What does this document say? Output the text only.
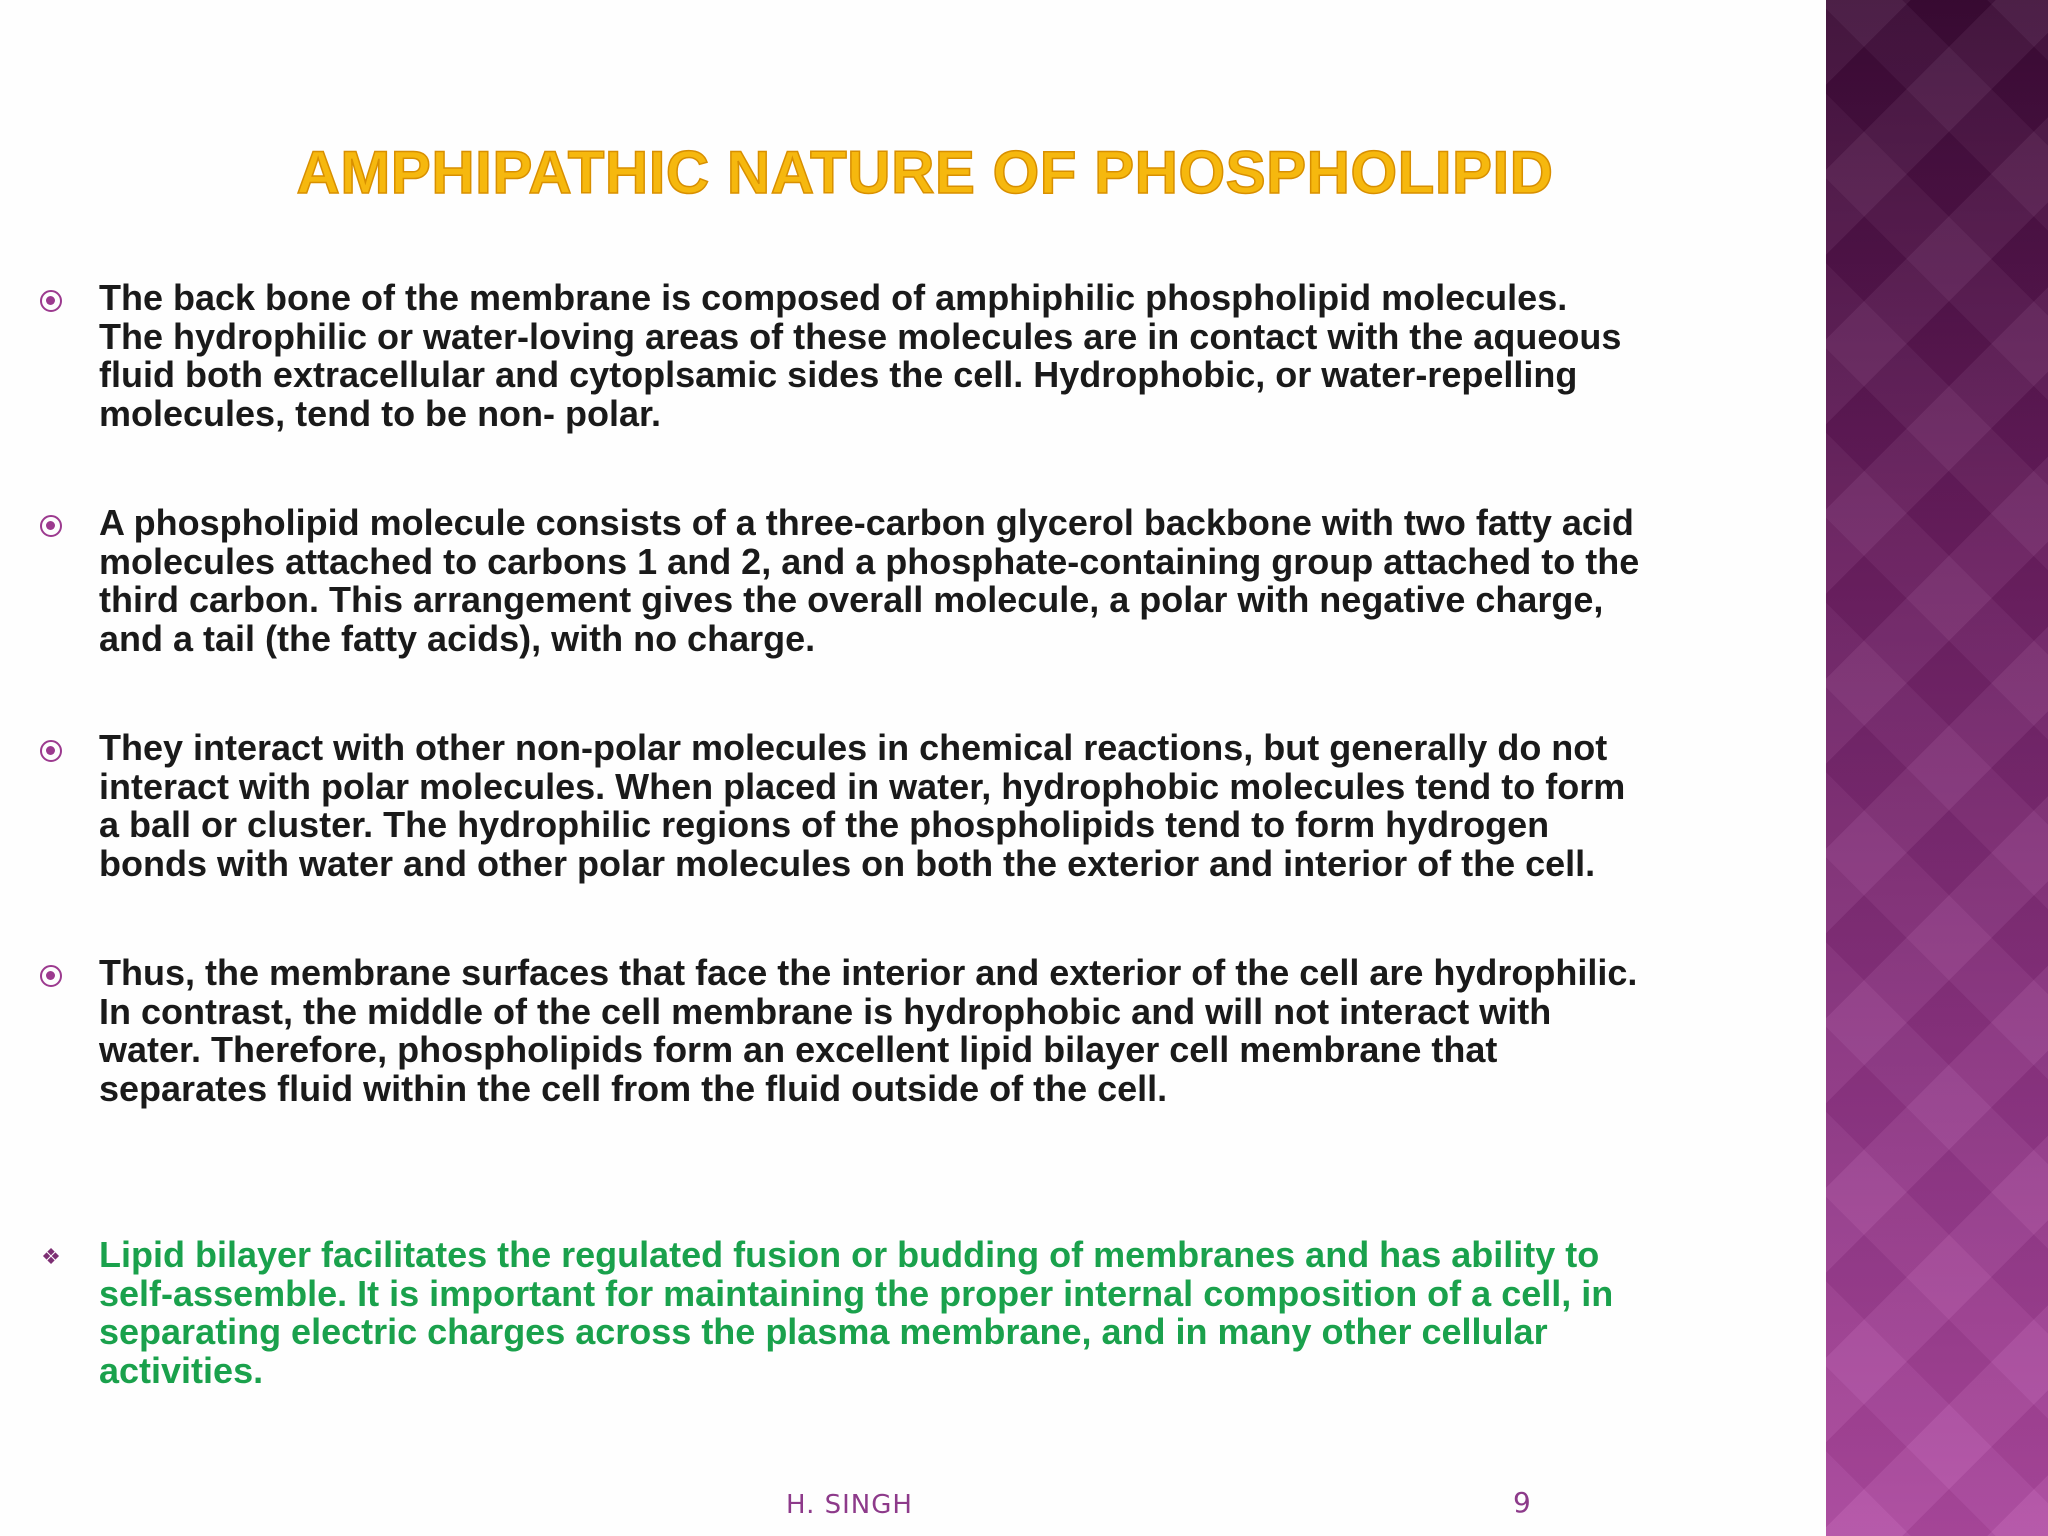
AMPHIPATHIC NATURE OF PHOSPHOLIPID
The back bone of the membrane is composed of amphiphilic phospholipid molecules.
The hydrophilic or water-loving areas of these molecules are in contact with the aqueous
fluid both extracellular and cytoplsamic sides the cell. Hydrophobic, or water-repelling
molecules, tend to be non- polar.
A phospholipid molecule consists of a three-carbon glycerol backbone with two fatty acid
molecules attached to carbons 1 and 2, and a phosphate-containing group attached to the
third carbon. This arrangement gives the overall molecule, a polar with negative charge,
and a tail (the fatty acids), with no charge.
They interact with other non-polar molecules in chemical reactions, but generally do not
interact with polar molecules. When placed in water, hydrophobic molecules tend to form
a ball or cluster. The hydrophilic regions of the phospholipids tend to form hydrogen
bonds with water and other polar molecules on both the exterior and interior of the cell.
Thus, the membrane surfaces that face the interior and exterior of the cell are hydrophilic.
In contrast, the middle of the cell membrane is hydrophobic and will not interact with
water. Therefore, phospholipids form an excellent lipid bilayer cell membrane that
separates fluid within the cell from the fluid outside of the cell.
❖ Lipid bilayer facilitates the regulated fusion or budding of membranes and has ability to
self-assemble. It is important for maintaining the proper internal composition of a cell, in
separating electric charges across the plasma membrane, and in many other cellular
activities.
H. SINGH	9
